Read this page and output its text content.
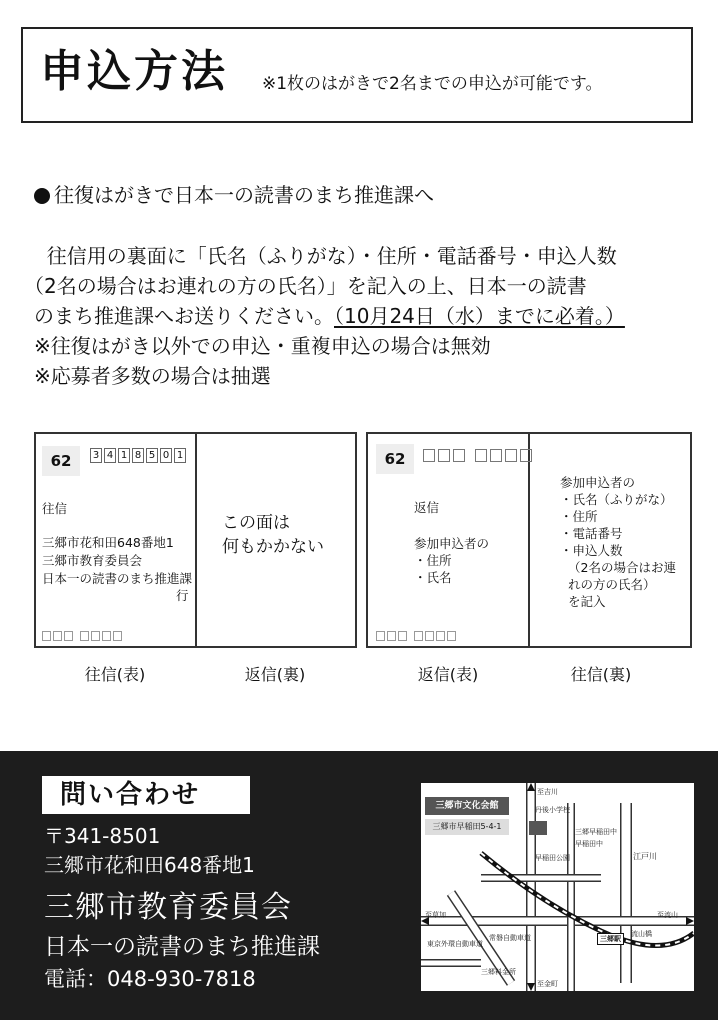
申込方法 ※1枚のはがきで2名までの申込が可能です。
往復はがきで日本一の読書のまち推進課へ
往信用の裏面に「氏名（ふりがな）・住所・電話番号・申込人数
（2名の場合はお連れの方の氏名）」を記入の上、日本一の読書
のまち推進課へお送りください。（10月24日（水）までに必着。）
※往復はがき以外での申込・重複申込の場合は無効
※応募者多数の場合は抽選
62	3 4 1 8 5 0 1
往信
三郷市花和田648番地1
三郷市教育委員会
日本一の読書のまち推進課
行
この面は
何もかかない
62
返信
参加申込者の
・住所
・氏名
参加申込者の
・氏名（ふりがな）
・住所
・電話番号
・申込人数
（2名の場合はお連
れの方の氏名）
を記入
往信(表)	返信(裏)	返信(表)	往信(裏)
問い合わせ
〒341-8501
三郷市花和田648番地1
三郷市教育委員会
日本一の読書のまち推進課
電話：048-930-7818
三郷市文化会館
三郷市早稲田5-4-1
至吉川
至金町
至草加	至流山
江戸川
流山橋
三郷駅
丹後小学校
早稲田公園
三郷早稲田中
早稲田中
東京外環自動車道
常磐自動車道
三郷料金所
